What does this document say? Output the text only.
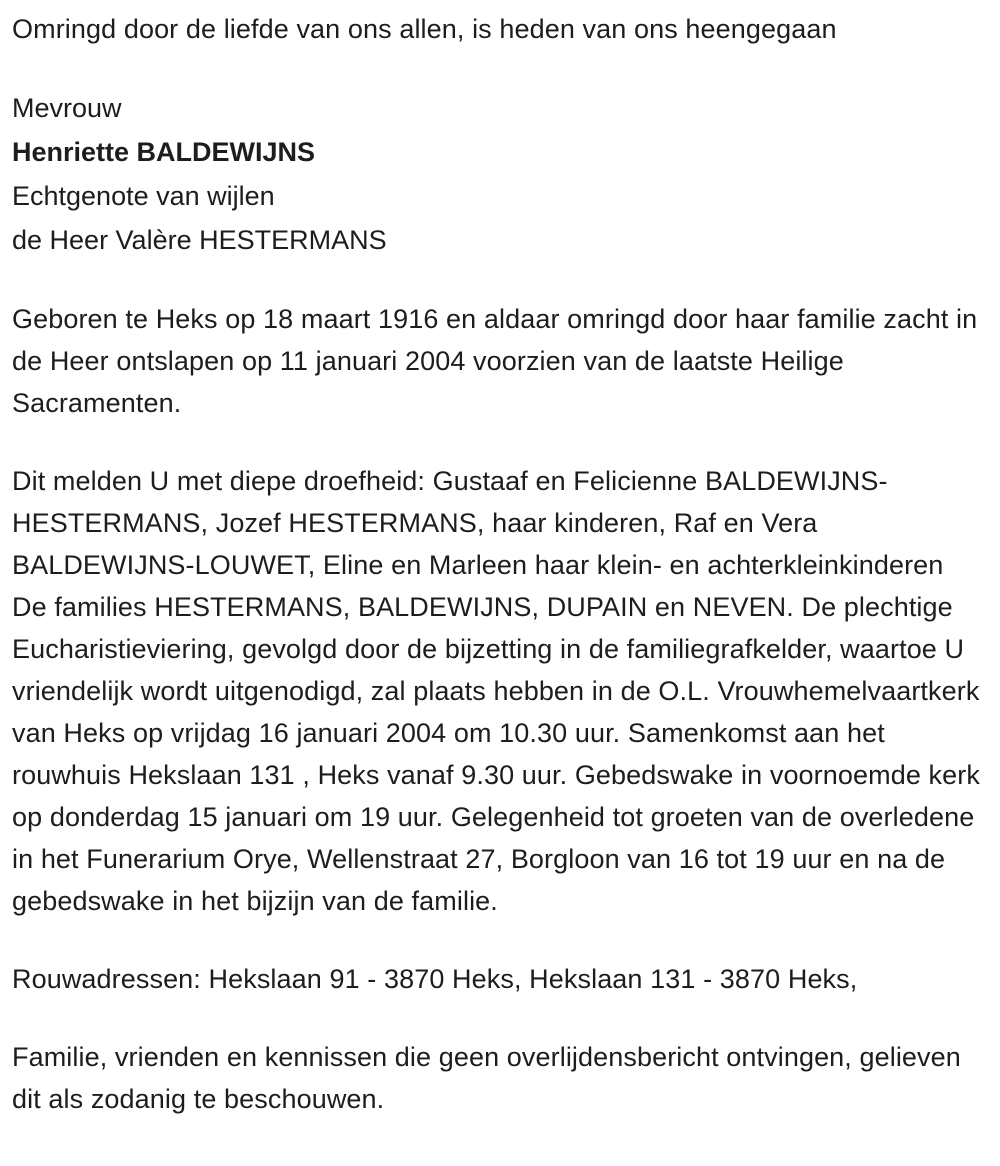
Omringd door de liefde van ons allen, is heden van ons heengegaan

Mevrouw
Henriette BALDEWIJNS
Echtgenote van wijlen
de Heer Valère HESTERMANS

Geboren te Heks op 18 maart 1916 en aldaar omringd door haar familie zacht in de Heer ontslapen op 11 januari 2004 voorzien van de laatste Heilige Sacramenten.

Dit melden U met diepe droefheid: Gustaaf en Felicienne BALDEWIJNS-HESTERMANS, Jozef HESTERMANS, haar kinderen, Raf en Vera BALDEWIJNS-LOUWET, Eline en Marleen haar klein- en achterkleinkinderen De families HESTERMANS, BALDEWIJNS, DUPAIN en NEVEN. De plechtige Eucharistieviering, gevolgd door de bijzetting in de familiegrafkelder, waartoe U vriendelijk wordt uitgenodigd, zal plaats hebben in de O.L. Vrouwhemelvaartkerk van Heks op vrijdag 16 januari 2004 om 10.30 uur. Samenkomst aan het rouwhuis Hekslaan 131 , Heks vanaf 9.30 uur. Gebedswake in voornoemde kerk op donderdag 15 januari om 19 uur. Gelegenheid tot groeten van de overledene in het Funerarium Orye, Wellenstraat 27, Borgloon van 16 tot 19 uur en na de gebedswake in het bijzijn van de familie.

Rouwadressen: Hekslaan 91 - 3870 Heks, Hekslaan 131 - 3870 Heks,

Familie, vrienden en kennissen die geen overlijdensbericht ontvingen, gelieven dit als zodanig te beschouwen.
